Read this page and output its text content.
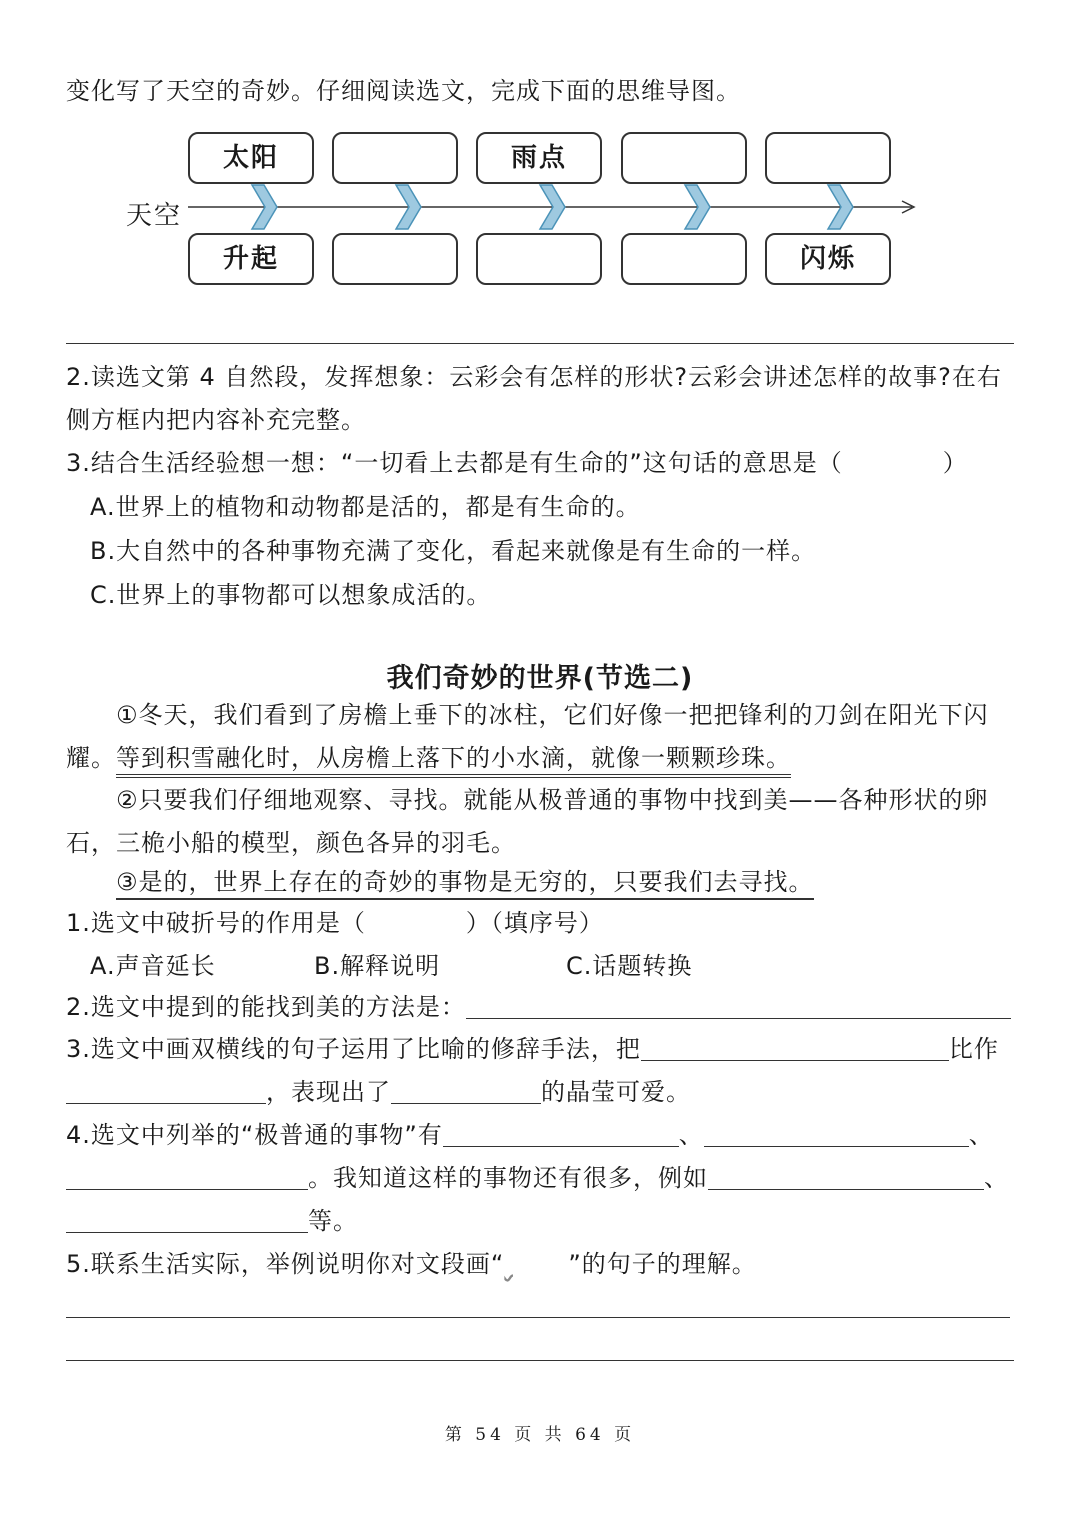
变化写了天空的奇妙。仔细阅读选文，完成下面的思维导图。
天空
太阳	雨点
升起	闪烁
2.读选文第 4 自然段，发挥想象：云彩会有怎样的形状?云彩会讲述怎样的故事?在右
侧方框内把内容补充完整。
3.结合生活经验想一想：“一切看上去都是有生命的”这句话的意思是（　　　　）
A.世界上的植物和动物都是活的，都是有生命的。
B.大自然中的各种事物充满了变化，看起来就像是有生命的一样。
C.世界上的事物都可以想象成活的。
我们奇妙的世界(节选二)
①冬天，我们看到了房檐上垂下的冰柱，它们好像一把把锋利的刀剑在阳光下闪
耀。等到积雪融化时，从房檐上落下的小水滴，就像一颗颗珍珠。
②只要我们仔细地观察、寻找。就能从极普通的事物中找到美——各种形状的卵
石，三桅小船的模型，颜色各异的羽毛。
③是的，世界上存在的奇妙的事物是无穷的，只要我们去寻找。
1.选文中破折号的作用是（　　　　）（填序号）
A.声音延长	B.解释说明	C.话题转换
2.选文中提到的能找到美的方法是：
3.选文中画双横线的句子运用了比喻的修辞手法，把	比作
，表现出了	的晶莹可爱。
4.选文中列举的“极普通的事物”有	、	、
。我知道这样的事物还有很多，例如	、
等。
5.联系生活实际，举例说明你对文段画“	”的句子的理解。
第 54 页 共 64 页
